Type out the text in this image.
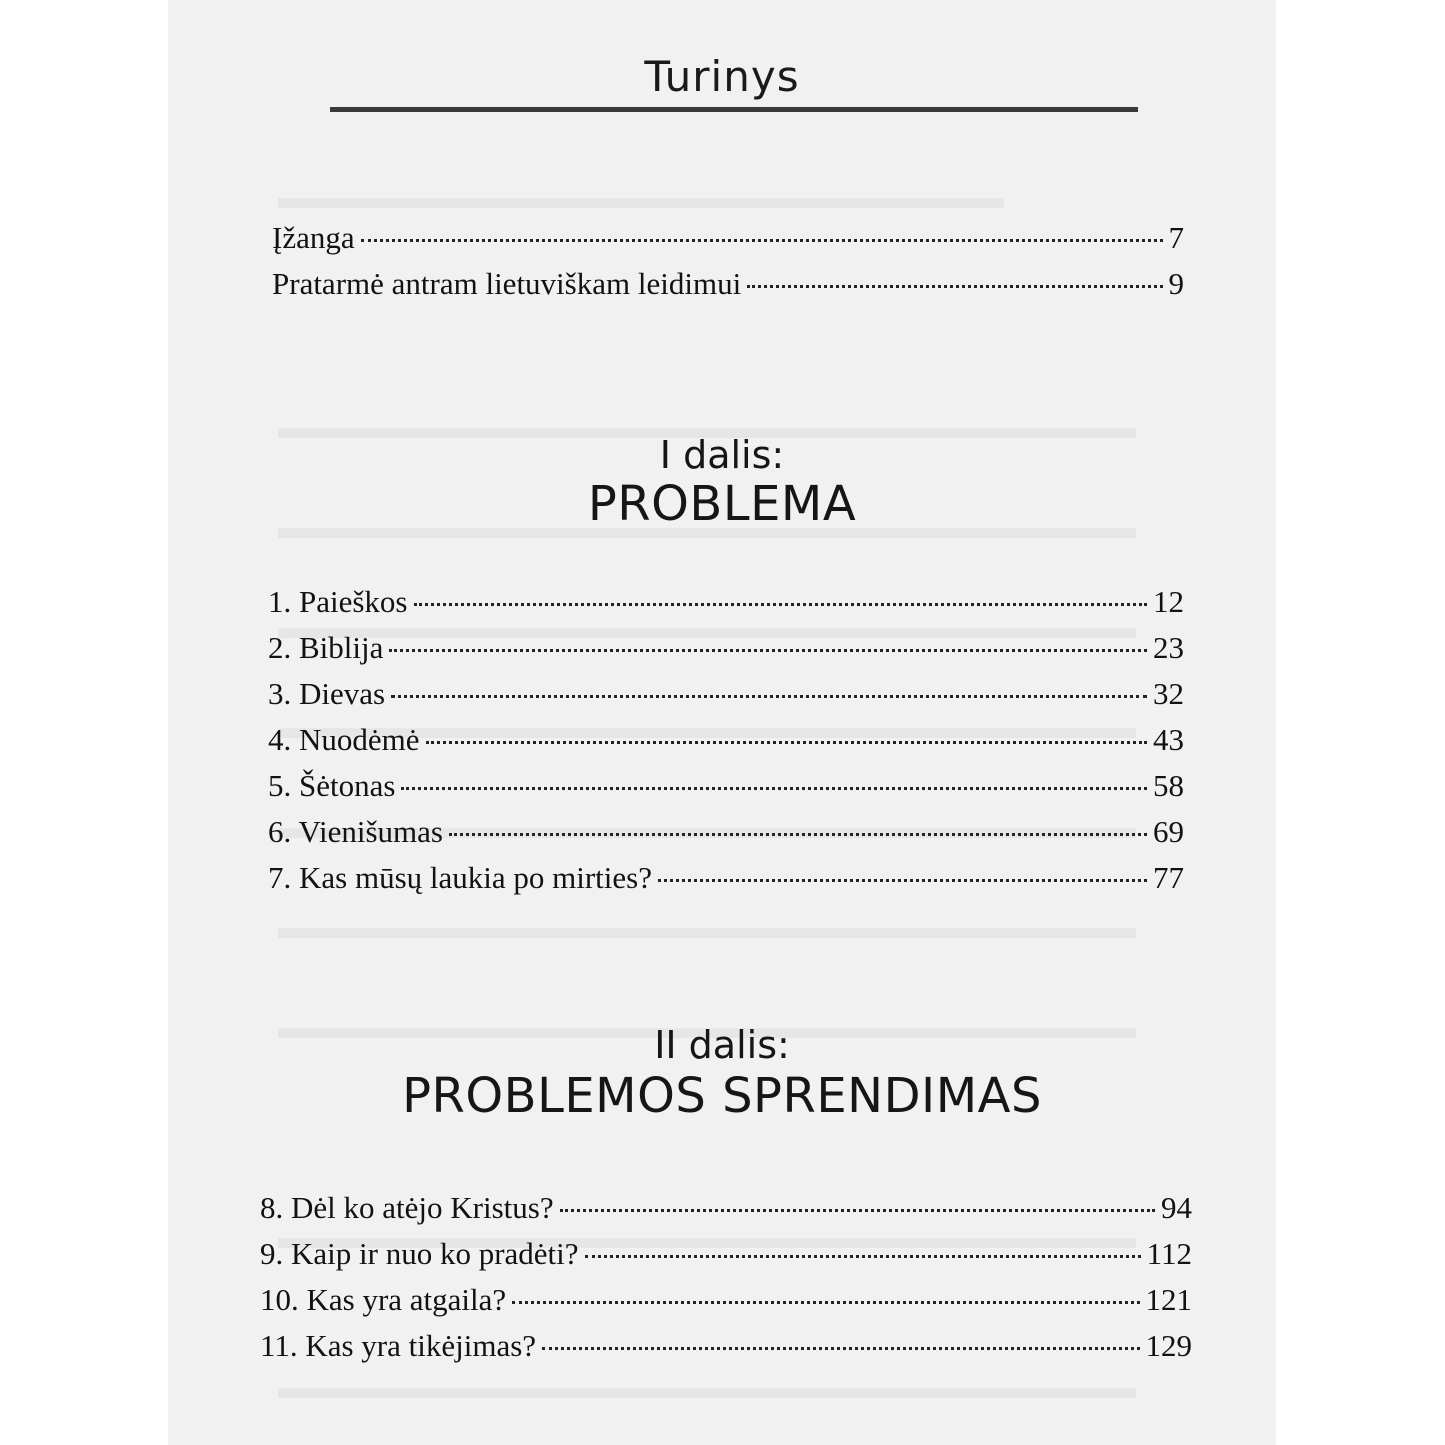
Turinys
Įžanga	7
Pratarmė antram lietuviškam leidimui	9
I dalis:
PROBLEMA
1. Paieškos	12
2. Biblija	23
3. Dievas	32
4. Nuodėmė	43
5. Šėtonas	58
6. Vienišumas	69
7. Kas mūsų laukia po mirties?	77
II dalis:
PROBLEMOS SPRENDIMAS
8. Dėl ko atėjo Kristus?	94
9. Kaip ir nuo ko pradėti?	112
10. Kas yra atgaila?	121
11. Kas yra tikėjimas?	129
